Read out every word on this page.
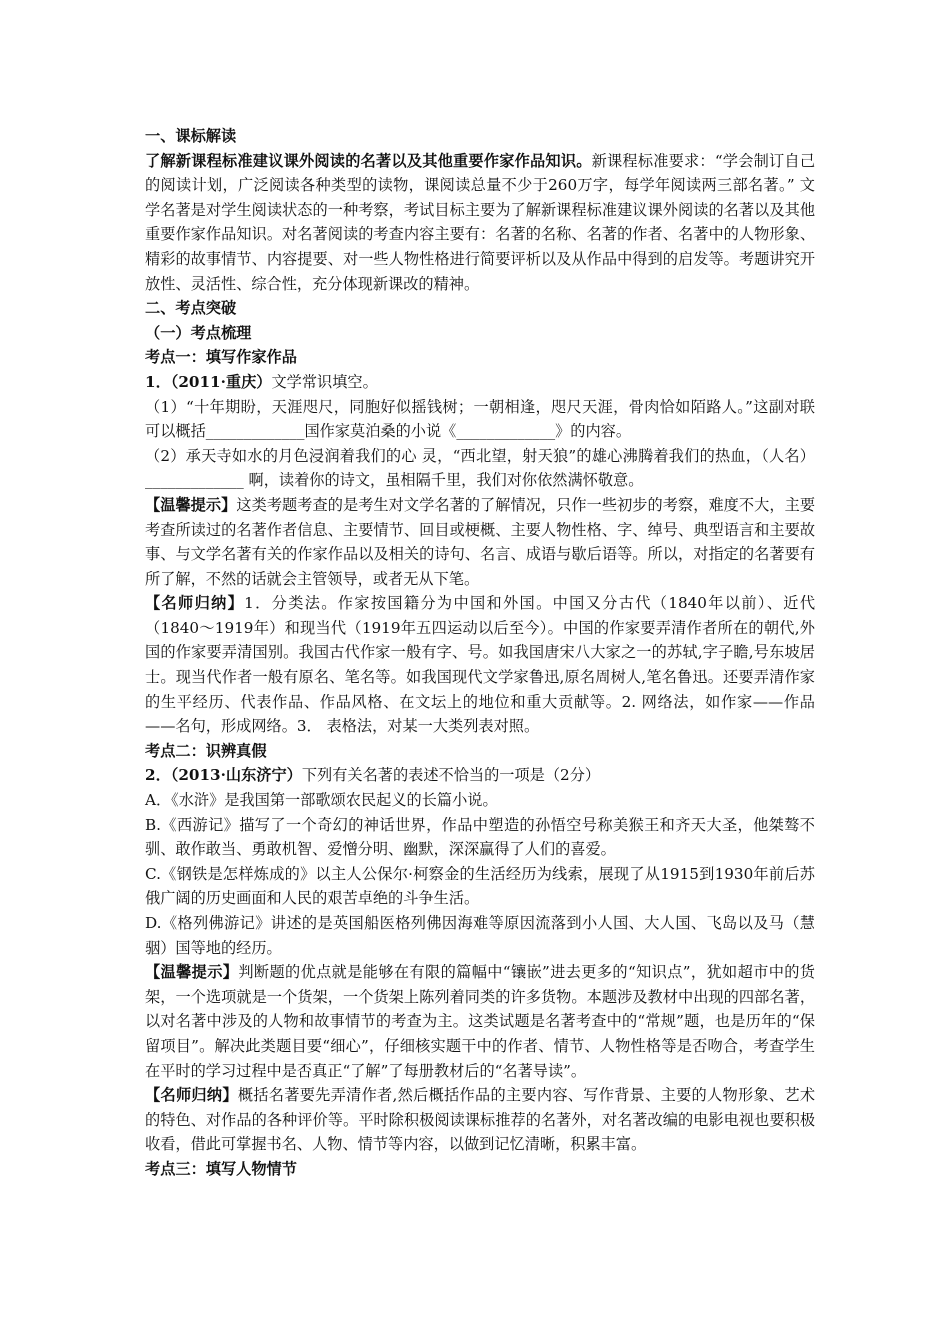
一、课标解读

了解新课程标准建议课外阅读的名著以及其他重要作家作品知识。新课程标准要求：“学会制订自己的阅读计划，广泛阅读各种类型的读物，课阅读总量不少于260万字，每学年阅读两三部名著。” 文学名著是对学生阅读状态的一种考察，考试目标主要为了解新课程标准建议课外阅读的名著以及其他重要作家作品知识。对名著阅读的考查内容主要有：名著的名称、名著的作者、名著中的人物形象、精彩的故事情节、内容提要、对一些人物性格进行简要评析以及从作品中得到的启发等。考题讲究开放性、灵活性、综合性，充分体现新课改的精神。

二、考点突破

（一）考点梳理

考点一：填写作家作品

1．（2011·重庆）文学常识填空。

（1）“十年期盼，天涯咫尺，同胞好似摇钱树；一朝相逢，咫尺天涯，骨肉恰如陌路人。”这副对联可以概括_____________国作家莫泊桑的小说《_____________》的内容。

（2）承天寺如水的月色浸润着我们的心 灵，“西北望，射天狼”的雄心沸腾着我们的热血，（人名）_____________ 啊，读着你的诗文，虽相隔千里，我们对你依然满怀敬意。

【温馨提示】这类考题考查的是考生对文学名著的了解情况，只作一些初步的考察，难度不大，主要考查所读过的名著作者信息、主要情节、回目或梗概、主要人物性格、字、绰号、典型语言和主要故事、与文学名著有关的作家作品以及相关的诗句、名言、成语与歇后语等。所以，对指定的名著要有所了解，不然的话就会主管领导，或者无从下笔。

【名师归纳】1．分类法。作家按国籍分为中国和外国。中国又分古代（1840年以前）、近代（1840～1919年）和现当代（1919年五四运动以后至今）。中国的作家要弄清作者所在的朝代,外国的作家要弄清国别。我国古代作家一般有字、号。如我国唐宋八大家之一的苏轼,字子瞻,号东坡居士。现当代作者一般有原名、笔名等。如我国现代文学家鲁迅,原名周树人,笔名鲁迅。还要弄清作家的生平经历、代表作品、作品风格、在文坛上的地位和重大贡献等。2. 网络法，如作家——作品——名句，形成网络。3． 表格法，对某一大类列表对照。

考点二：识辨真假

2．（2013·山东济宁）下列有关名著的表述不恰当的一项是（2分）

A．《水浒》是我国第一部歌颂农民起义的长篇小说。

B.《西游记》描写了一个奇幻的神话世界，作品中塑造的孙悟空号称美猴王和齐天大圣，他桀骜不驯、敢作敢当、勇敢机智、爱憎分明、幽默，深深赢得了人们的喜爱。

C.《钢铁是怎样炼成的》以主人公保尔·柯察金的生活经历为线索，展现了从1915到1930年前后苏俄广阔的历史画面和人民的艰苦卓绝的斗争生活。

D.《格列佛游记》讲述的是英国船医格列佛因海难等原因流落到小人国、大人国、飞岛以及马（慧骃）国等地的经历。

【温馨提示】判断题的优点就是能够在有限的篇幅中“镶嵌”进去更多的“知识点”，犹如超市中的货架，一个选项就是一个货架，一个货架上陈列着同类的许多货物。本题涉及教材中出现的四部名著，以对名著中涉及的人物和故事情节的考查为主。这类试题是名著考查中的“常规”题，也是历年的“保留项目”。解决此类题目要“细心”，仔细核实题干中的作者、情节、人物性格等是否吻合，考查学生在平时的学习过程中是否真正“了解”了每册教材后的“名著导读”。

【名师归纳】概括名著要先弄清作者,然后概括作品的主要内容、写作背景、主要的人物形象、艺术的特色、对作品的各种评价等。平时除积极阅读课标推荐的名著外，对名著改编的电影电视也要积极收看，借此可掌握书名、人物、情节等内容，以做到记忆清晰，积累丰富。

考点三：填写人物情节
